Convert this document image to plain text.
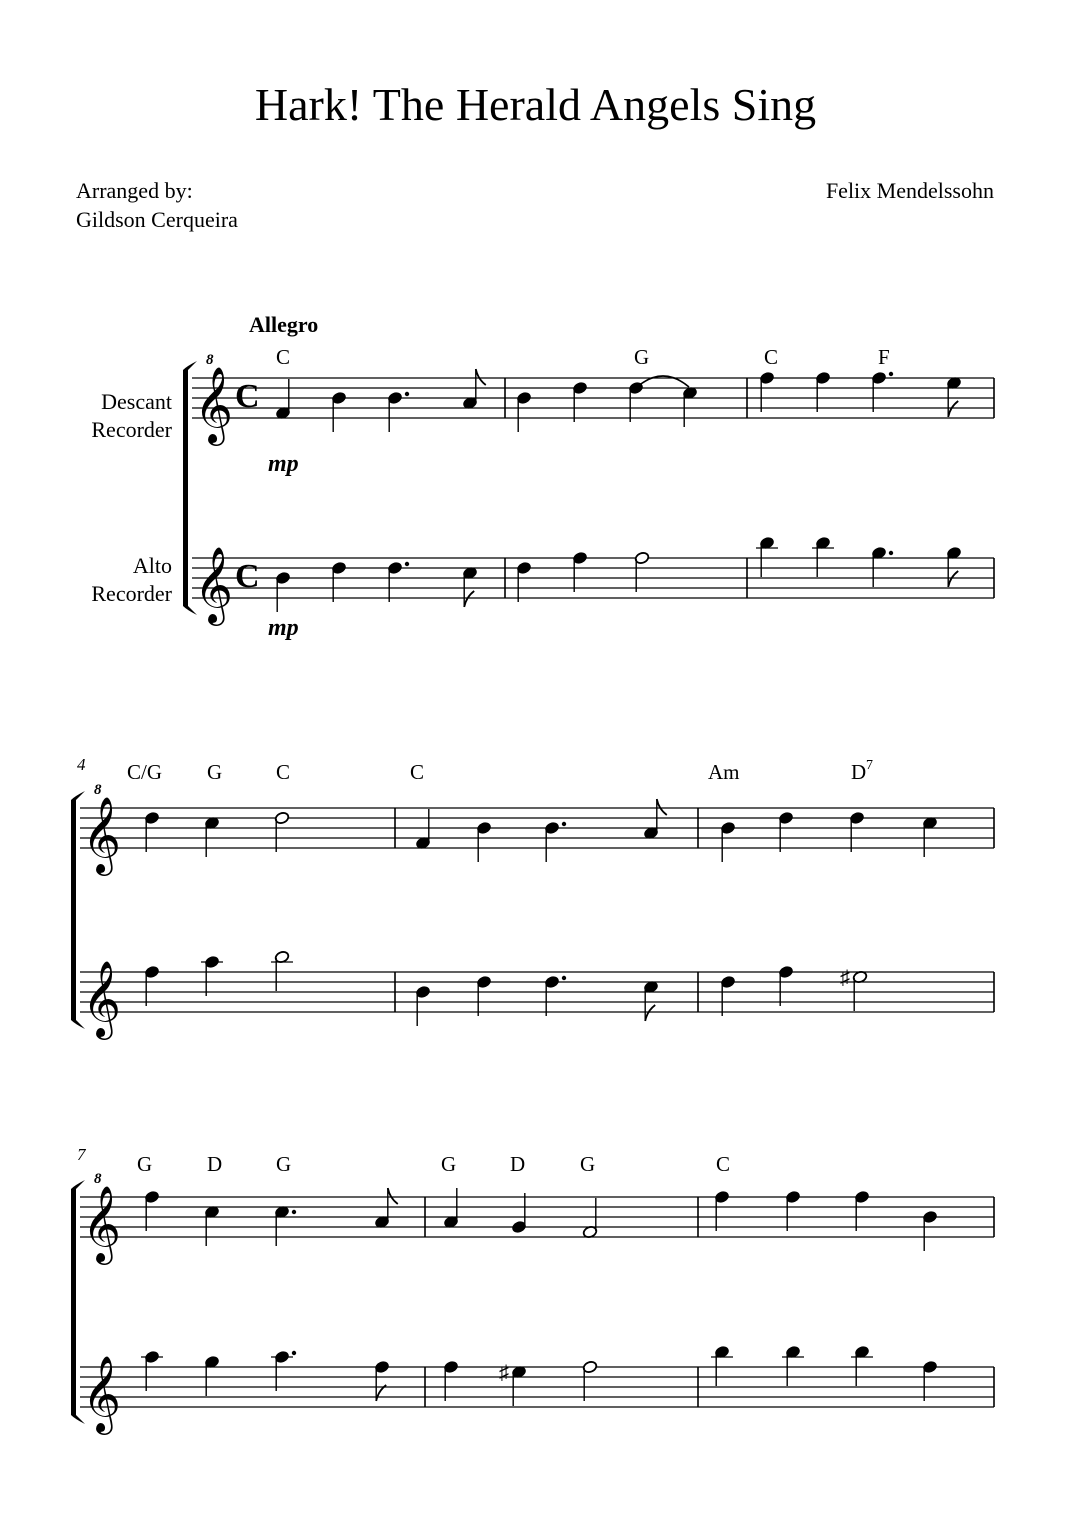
Hark! The Herald Angels Sing
Arranged by:
Gildson Cerqueira
Felix Mendelssohn
Allegro
Descant
Recorder
Alto
Recorder
𝄞
8
𝄞
C
C
C	G	C	F
mp
mp
𝄞
8
𝄞
4 C/G G	C	C	Am	D 7
♯
𝄞
8
𝄞
7 G	D	G	G	D	G	C
♯
